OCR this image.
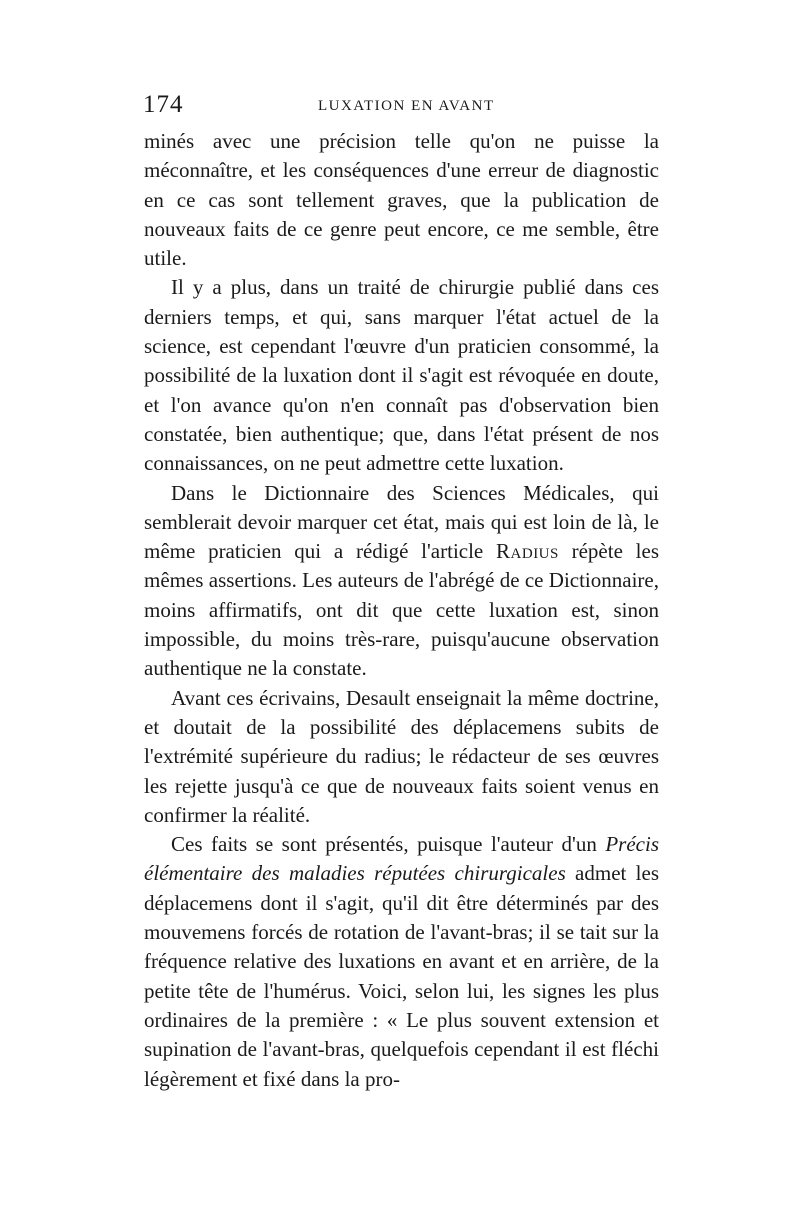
174	LUXATION EN AVANT

minés avec une précision telle qu'on ne puisse la méconnaître, et les conséquences d'une erreur de diagnostic en ce cas sont tellement graves, que la publication de nouveaux faits de ce genre peut encore, ce me semble, être utile.

Il y a plus, dans un traité de chirurgie publié dans ces derniers temps, et qui, sans marquer l'état actuel de la science, est cependant l'œuvre d'un praticien consommé, la possibilité de la luxation dont il s'agit est révoquée en doute, et l'on avance qu'on n'en connaît pas d'observation bien constatée, bien authentique; que, dans l'état présent de nos connaissances, on ne peut admettre cette luxation.

Dans le Dictionnaire des Sciences Médicales, qui semblerait devoir marquer cet état, mais qui est loin de là, le même praticien qui a rédigé l'article Radius répète les mêmes assertions. Les auteurs de l'abrégé de ce Dictionnaire, moins affirmatifs, ont dit que cette luxation est, sinon impossible, du moins très-rare, puisqu'aucune observation authentique ne la constate.

Avant ces écrivains, Desault enseignait la même doctrine, et doutait de la possibilité des déplacemens subits de l'extrémité supérieure du radius; le rédacteur de ses œuvres les rejette jusqu'à ce que de nouveaux faits soient venus en confirmer la réalité.

Ces faits se sont présentés, puisque l'auteur d'un Précis élémentaire des maladies réputées chirurgicales admet les déplacemens dont il s'agit, qu'il dit être déterminés par des mouvemens forcés de rotation de l'avant-bras; il se tait sur la fréquence relative des luxations en avant et en arrière, de la petite tête de l'humérus. Voici, selon lui, les signes les plus ordinaires de la première : « Le plus souvent extension et supination de l'avant-bras, quelquefois cependant il est fléchi légèrement et fixé dans la pro-
